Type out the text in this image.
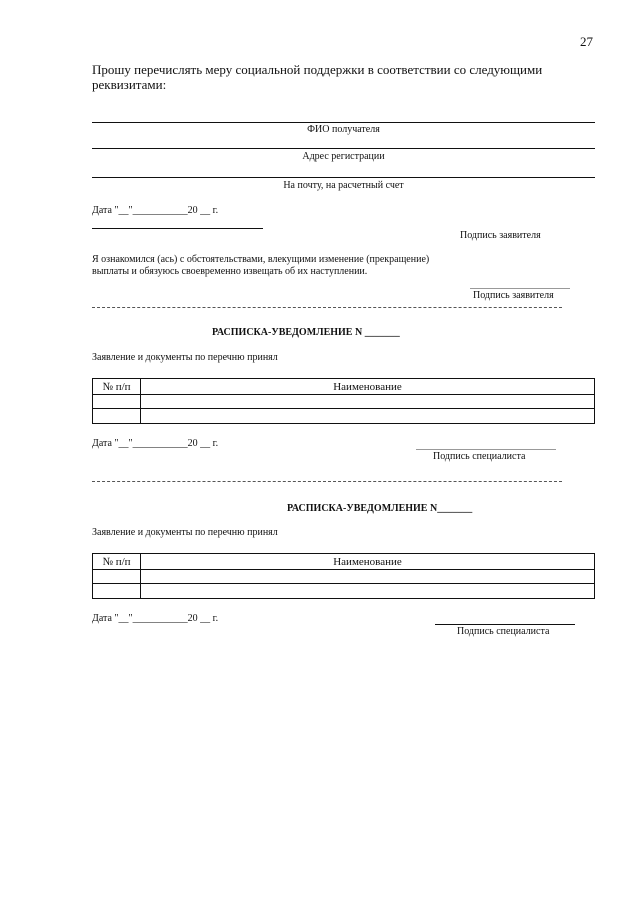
27
Прошу перечислять меру социальной поддержки в соответствии со следующими реквизитами:
ФИО получателя
Адрес регистрации
На почту, на расчетный счет
Дата "__"___________20 __ г.
Подпись заявителя
Я ознакомился (ась) с обстоятельствами, влекущими изменение (прекращение)
выплаты и обязуюсь своевременно извещать об их наступлении.
Подпись заявителя
РАСПИСКА-УВЕДОМЛЕНИЕ N _______
Заявление и документы по перечню принял
№ п/п	Наименование

Дата "__"___________20 __ г.
Подпись специалиста
РАСПИСКА-УВЕДОМЛЕНИЕ N_______
Заявление и документы по перечню принял
№ п/п	Наименование

Дата "__"___________20 __ г.
Подпись специалиста
